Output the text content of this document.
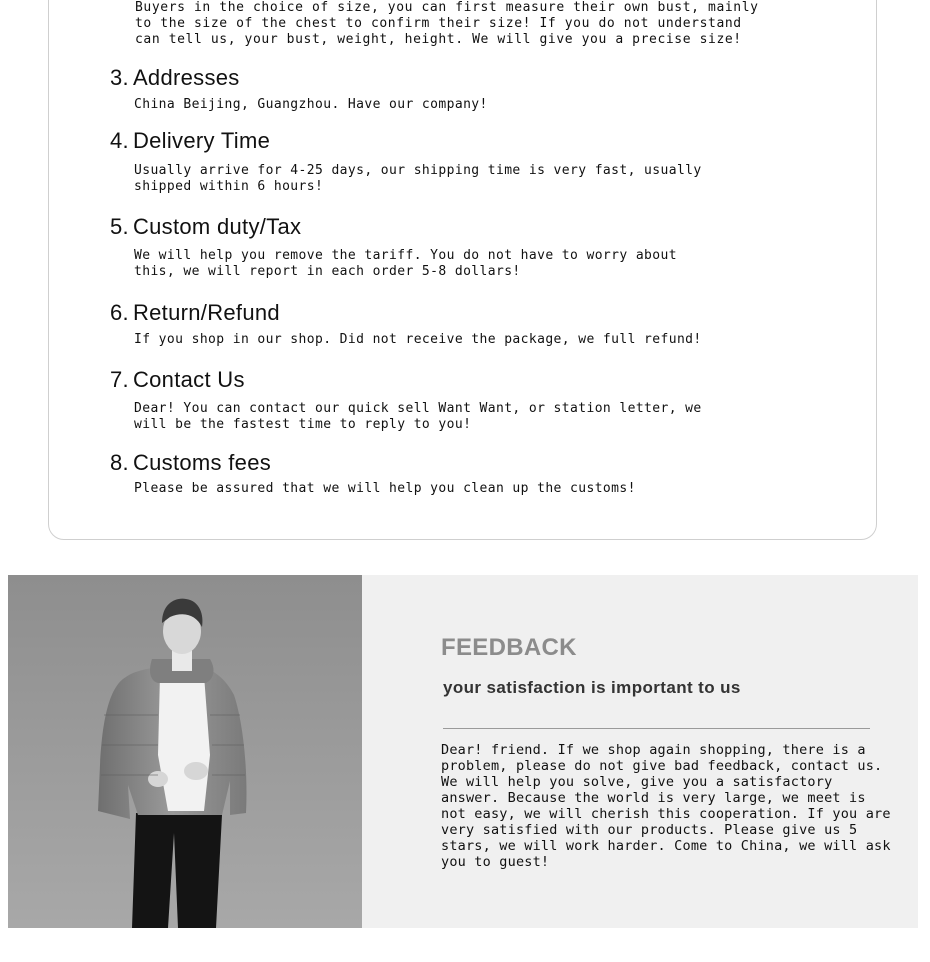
Buyers in the choice of size, you can first measure their own bust, mainly
to the size of the chest to confirm their size! If you do not understand
can tell us, your bust, weight, height. We will give you a precise size!
3. Addresses
China Beijing, Guangzhou. Have our company!
4. Delivery Time
Usually arrive for 4-25 days, our shipping time is very fast, usually
shipped within 6 hours!
5. Custom duty/Tax
We will help you remove the tariff. You do not have to worry about
this, we will report in each order 5-8 dollars!
6. Return/Refund
If you shop in our shop. Did not receive the package, we full refund!
7. Contact Us
Dear! You can contact our quick sell Want Want, or station letter, we
will be the fastest time to reply to you!
8. Customs fees
Please be assured that we will help you clean up the customs!
FEEDBACK
your satisfaction is important to us
Dear! friend. If we shop again shopping, there is a
problem, please do not give bad feedback, contact us.
We will help you solve, give you a satisfactory
answer. Because the world is very large, we meet is
not easy, we will cherish this cooperation. If you are
very satisfied with our products. Please give us 5
stars, we will work harder. Come to China, we will ask
you to guest!
